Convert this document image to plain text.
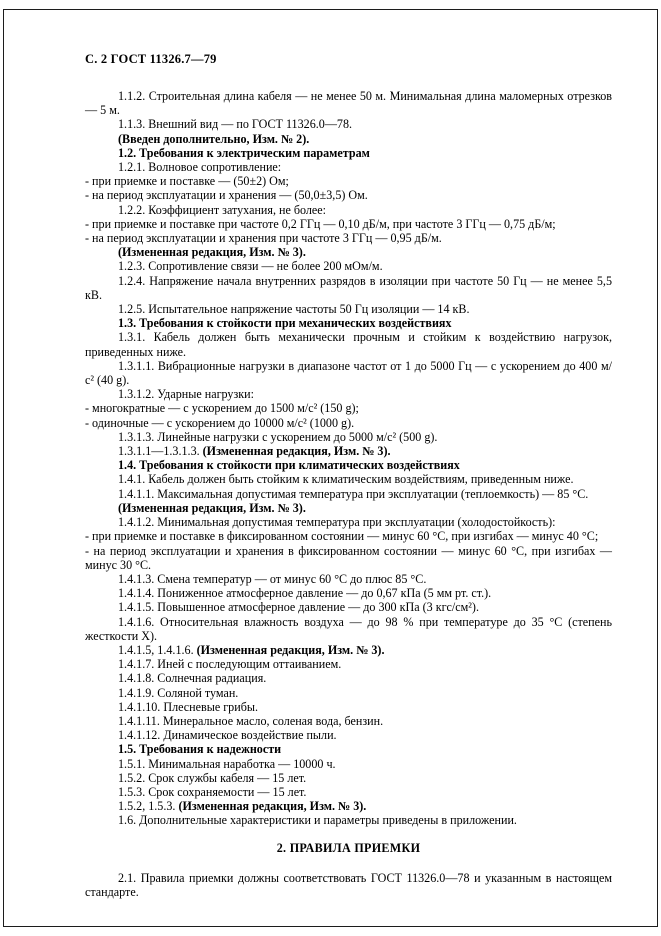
С. 2 ГОСТ 11326.7—79

1.1.2. Строительная длина кабеля — не менее 50 м. Минимальная длина маломерных отрезков — 5 м.

1.1.3. Внешний вид — по ГОСТ 11326.0—78.

(Введен дополнительно, Изм. № 2).

1.2. Требования к электрическим параметрам

1.2.1. Волновое сопротивление:

- при приемке и поставке — (50±2) Ом;

- на период эксплуатации и хранения — (50,0±3,5) Ом.

1.2.2. Коэффициент затухания, не более:

- при приемке и поставке при частоте 0,2 ГГц — 0,10 дБ/м, при частоте 3 ГГц — 0,75 дБ/м;

- на период эксплуатации и хранения при частоте 3 ГГц — 0,95 дБ/м.

(Измененная редакция, Изм. № 3).

1.2.3. Сопротивление связи — не более 200 мОм/м.

1.2.4. Напряжение начала внутренних разрядов в изоляции при частоте 50 Гц — не менее 5,5 кВ.

1.2.5. Испытательное напряжение частоты 50 Гц изоляции — 14 кВ.

1.3. Требования к стойкости при механических воздействиях

1.3.1. Кабель должен быть механически прочным и стойким к воздействию нагрузок, приведенных ниже.

1.3.1.1. Вибрационные нагрузки в диапазоне частот от 1 до 5000 Гц — с ускорением до 400 м/с² (40 g).

1.3.1.2. Ударные нагрузки:

- многократные — с ускорением до 1500 м/с² (150 g);

- одиночные — с ускорением до 10000 м/с² (1000 g).

1.3.1.3. Линейные нагрузки с ускорением до 5000 м/с² (500 g).

1.3.1.1—1.3.1.3. (Измененная редакция, Изм. № 3).

1.4. Требования к стойкости при климатических воздействиях

1.4.1. Кабель должен быть стойким к климатическим воздействиям, приведенным ниже.

1.4.1.1. Максимальная допустимая температура при эксплуатации (теплоемкость) — 85 °С.

(Измененная редакция, Изм. № 3).

1.4.1.2. Минимальная допустимая температура при эксплуатации (холодостойкость):

- при приемке и поставке в фиксированном состоянии — минус 60 °С, при изгибах — минус 40 °С;

- на период эксплуатации и хранения в фиксированном состоянии — минус 60 °С, при изгибах — минус 30 °С.

1.4.1.3. Смена температур — от минус 60 °С до плюс 85 °С.

1.4.1.4. Пониженное атмосферное давление — до 0,67 кПа (5 мм рт. ст.).

1.4.1.5. Повышенное атмосферное давление — до 300 кПа (3 кгс/см²).

1.4.1.6. Относительная влажность воздуха — до 98 % при температуре до 35 °С (степень жесткости X).

1.4.1.5, 1.4.1.6. (Измененная редакция, Изм. № 3).

1.4.1.7. Иней с последующим оттаиванием.

1.4.1.8. Солнечная радиация.

1.4.1.9. Соляной туман.

1.4.1.10. Плесневые грибы.

1.4.1.11. Минеральное масло, соленая вода, бензин.

1.4.1.12. Динамическое воздействие пыли.

1.5. Требования к надежности

1.5.1. Минимальная наработка — 10000 ч.

1.5.2. Срок службы кабеля — 15 лет.

1.5.3. Срок сохраняемости — 15 лет.

1.5.2, 1.5.3. (Измененная редакция, Изм. № 3).

1.6. Дополнительные характеристики и параметры приведены в приложении.

2. ПРАВИЛА ПРИЕМКИ

2.1. Правила приемки должны соответствовать ГОСТ 11326.0—78 и указанным в настоящем стандарте.
